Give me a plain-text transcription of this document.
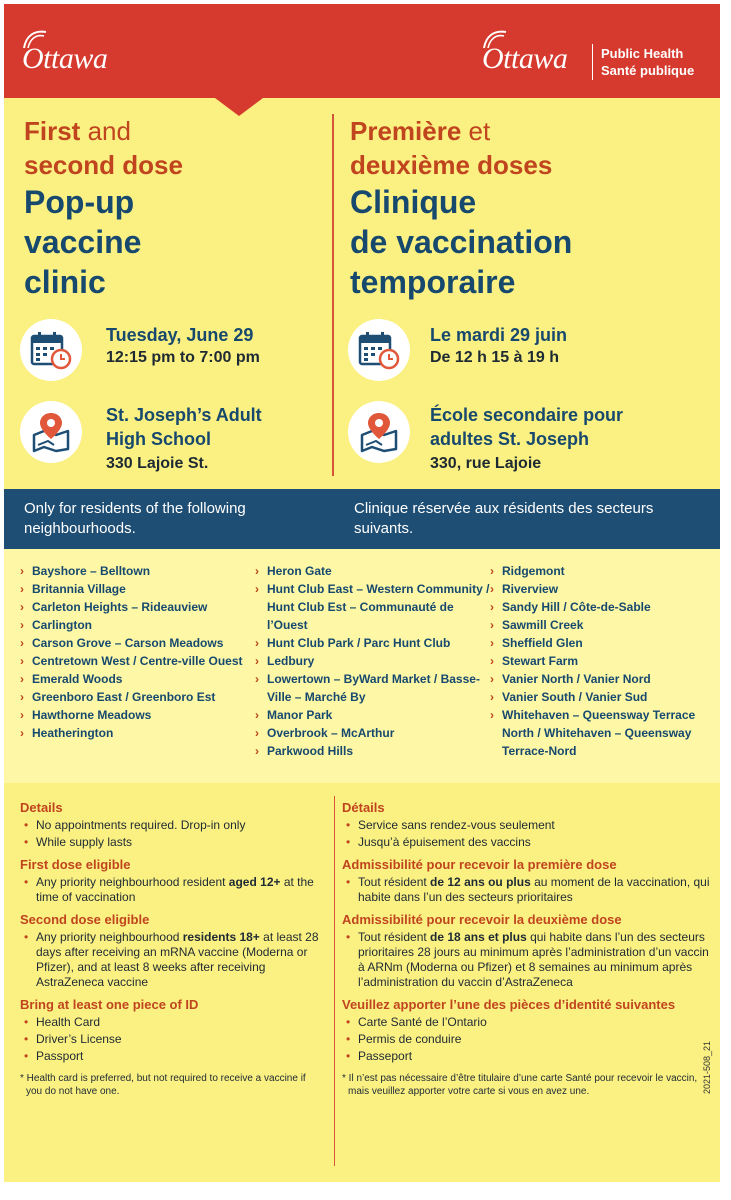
Ottawa	Ottawa	Public Health
Santé publique
First and
second dose
Pop-up
vaccine
clinic
Première et
deuxième doses
Clinique
de vaccination
temporaire
Tuesday, June 29
12:15 pm to 7:00 pm
Le mardi 29 juin
De 12 h 15 à 19 h
St. Joseph’s Adult
High School
330 Lajoie St.
École secondaire pour
adultes St. Joseph
330, rue Lajoie
Only for residents of the following neighbourhoods.
Clinique réservée aux résidents des secteurs suivants.
› Bayshore – Belltown
› Britannia Village
› Carleton Heights – Rideauview
› Carlington
› Carson Grove – Carson Meadows
› Centretown West / Centre-ville Ouest
› Emerald Woods
› Greenboro East / Greenboro Est
› Hawthorne Meadows
› Heatherington
› Heron Gate
› Hunt Club East – Western Community / Hunt Club Est – Communauté de l’Ouest
› Hunt Club Park / Parc Hunt Club
› Ledbury
› Lowertown – ByWard Market / Basse-Ville – Marché By
› Manor Park
› Overbrook – McArthur
› Parkwood Hills
› Ridgemont
› Riverview
› Sandy Hill / Côte-de-Sable
› Sawmill Creek
› Sheffield Glen
› Stewart Farm
› Vanier North / Vanier Nord
› Vanier South / Vanier Sud
› Whitehaven – Queensway Terrace North / Whitehaven – Queensway Terrace-Nord
Details
• No appointments required. Drop-in only
• While supply lasts
First dose eligible
• Any priority neighbourhood resident aged 12+ at the time of vaccination
Second dose eligible
• Any priority neighbourhood residents 18+ at least 28 days after receiving an mRNA vaccine (Moderna or Pfizer), and at least 8 weeks after receiving AstraZeneca vaccine
Bring at least one piece of ID
• Health Card
• Driver’s License
• Passport
* Health card is preferred, but not required to receive a vaccine if you do not have one.
Détails
• Service sans rendez-vous seulement
• Jusqu’à épuisement des vaccins
Admissibilité pour recevoir la première dose
• Tout résident de 12 ans ou plus au moment de la vaccination, qui habite dans l’un des secteurs prioritaires
Admissibilité pour recevoir la deuxième dose
• Tout résident de 18 ans et plus qui habite dans l’un des secteurs prioritaires 28 jours au minimum après l’administration d’un vaccin à ARNm (Moderna ou Pfizer) et 8 semaines au minimum après l’administration du vaccin d’AstraZeneca
Veuillez apporter l’une des pièces d’identité suivantes
• Carte Santé de l’Ontario
• Permis de conduire
• Passeport
* Il n’est pas nécessaire d’être titulaire d’une carte Santé pour recevoir le vaccin, mais veuillez apporter votre carte si vous en avez une.	2021-508_21
